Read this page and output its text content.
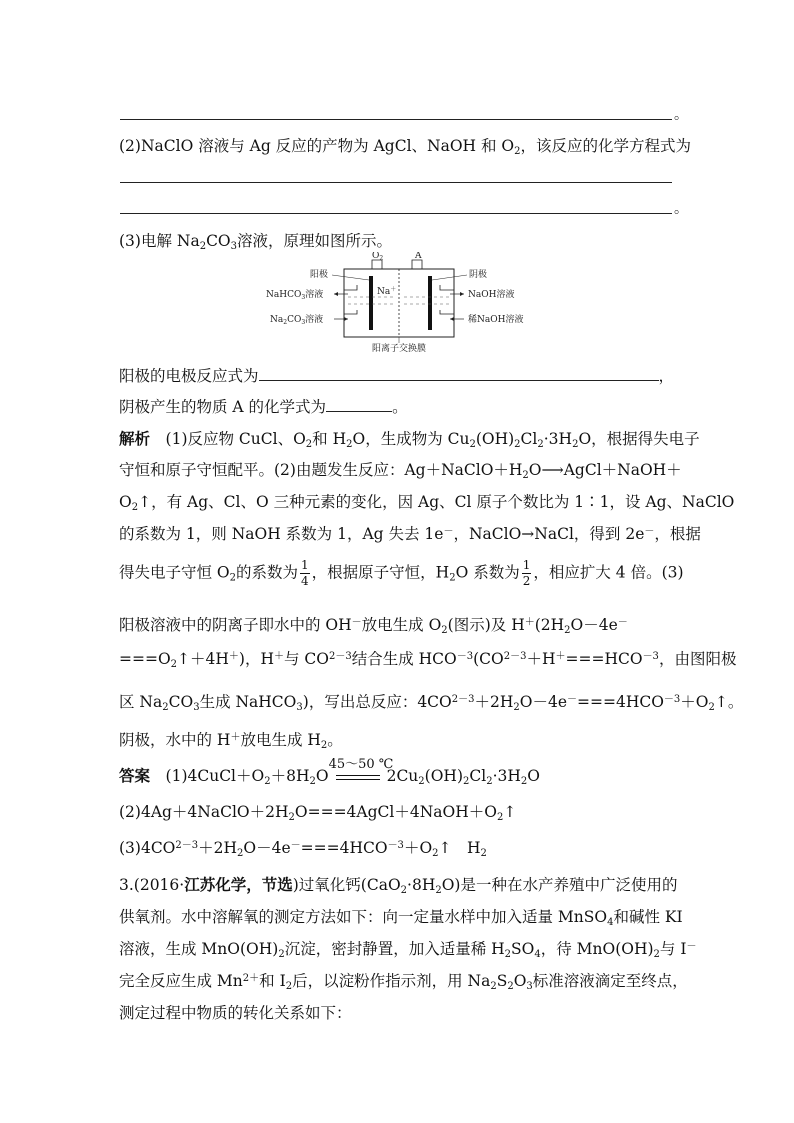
。
(2)NaClO 溶液与 Ag 反应的产物为 AgCl、NaOH 和 $O_2$，该反应的化学方程式为
。
(3)电解 $Na_2CO_3$溶液，原理如图所示。
$O_2$	A
阳极	阴极
NaHCO$_3$溶液
$Na_2CO_3$溶液
NaOH溶液
稀NaOH溶液
Na＋
阳离子交换膜
阳极的电极反应式为	，
阴极产生的物质 A 的化学式为	。
解析　 (1)反应物 CuCl、$O_2$和 $H_2O$，生成物为 $Cu_2(OH)_2Cl_2\cdot 3H_2O$，根据得失电子
守恒和原子守恒配平。(2)由题发生反应：$Ag+NaClO+H_2O⟶AgCl+NaOH+$
$O_2↑$，有 Ag、Cl、O 三种元素的变化，因 Ag、Cl 原子个数比为 1∶1，设 Ag、NaClO
的系数为 1，则 NaOH 系数为 1，Ag 失去 1e－，NaClO→NaCl，得到 2e－，根据
得失电子守恒 $O_2$的系数为 $\frac{1}{4}$ ，根据原子守恒，$H_2O$ 系数为 $\frac{1}{2}$ ，相应扩大 4 倍。(3)
阳极溶液中的阴离子即水中的 OH－放电生成 $O_2$(图示)及 $H^+(2H_2O-4e^-$
$===O_2↑+4H^+$)，H＋与 $CO^{2-3}$结合生成 $HCO^{-3}(CO^{2-3}+H^+===HCO^{-3}$，由图阳极
区 $Na_2CO_3$生成 NaHCO$_3$)，写出总反应：$4CO^{2-3}+2H_2O-4e^-===4HCO^{-3}+O_2↑$。
阴极，水中的 H＋放电生成 $H_2$。
答案　 $(1)4CuCl+O_2+8H_2O$
45～50 ℃
$2Cu_2(OH)_2Cl_2\cdot 3H_2O$
$(2)4Ag+4NaClO+2H_2O===4AgCl+4NaOH+O_2↑$
$(3)4CO^{2-3}+2H_2O-4e^-===4HCO^{-3}+O_2↑$　$H_2$
3.(2016·江苏化学，节选)过氧化钙$(CaO_2\cdot 8H_2O)$是一种在水产养殖中广泛使用的
供氧剂。水中溶解氧的测定方法如下：向一定量水样中加入适量 MnSO$_4$和碱性 KI
溶液，生成 $MnO(OH)_2$沉淀，密封静置，加入适量稀 $H_2SO_4$，待 $MnO(OH)_2$与 I－
完全反应生成 $Mn^{2+}$和 $I_2$后，以淀粉作指示剂，用 $Na_2S_2O_3$标准溶液滴定至终点，
测定过程中物质的转化关系如下：
